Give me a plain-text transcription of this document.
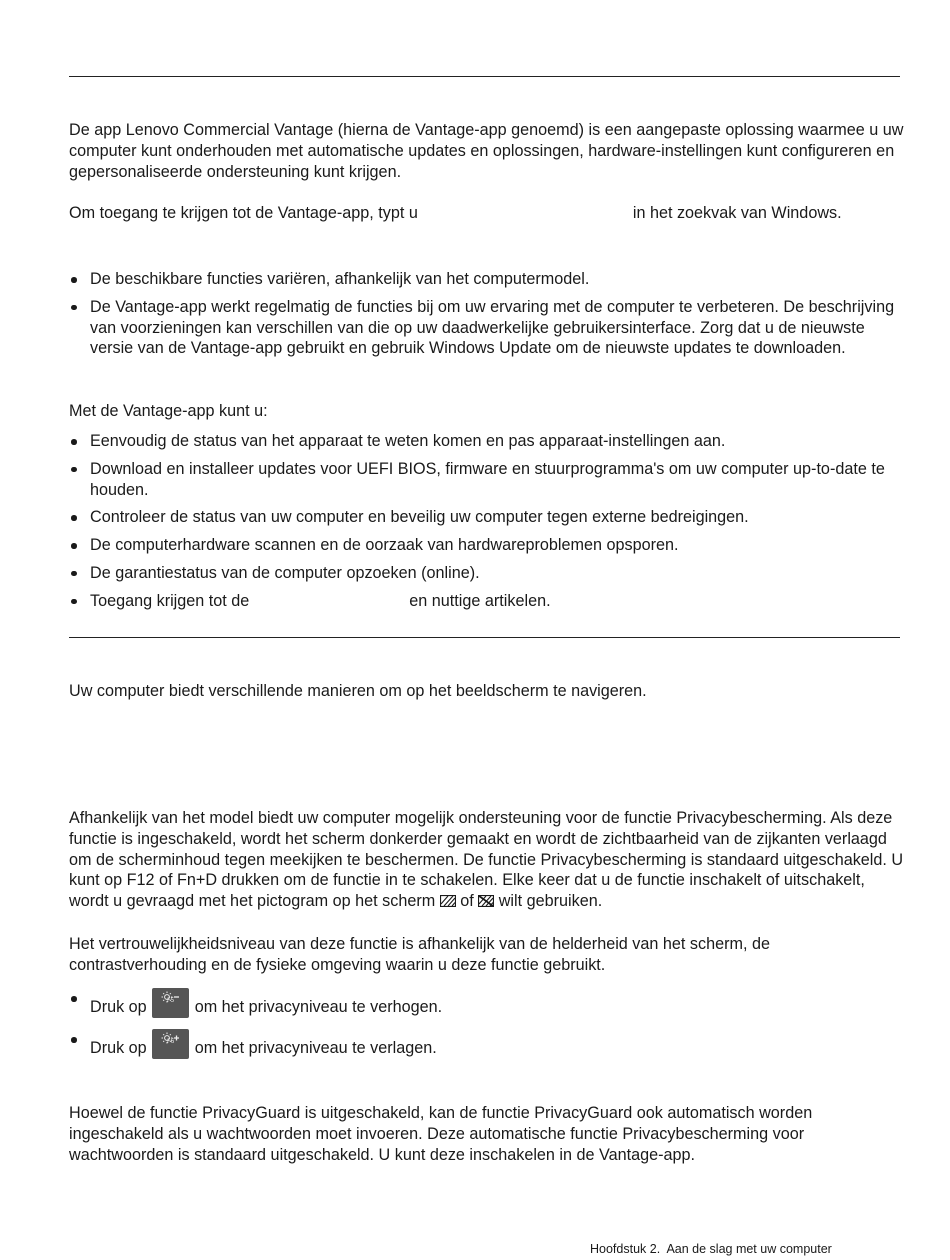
De app Lenovo Commercial Vantage (hierna de Vantage-app genoemd) is een aangepaste oplossing waarmee u uw computer kunt onderhouden met automatische updates en oplossingen, hardware-instellingen kunt configureren en gepersonaliseerde ondersteuning kunt krijgen.

Om toegang te krijgen tot de Vantage-app, typt u	in het zoekvak van Windows.

De beschikbare functies variëren, afhankelijk van het computermodel.
De Vantage-app werkt regelmatig de functies bij om uw ervaring met de computer te verbeteren. De beschrijving van voorzieningen kan verschillen van die op uw daadwerkelijke gebruikersinterface. Zorg dat u de nieuwste versie van de Vantage-app gebruikt en gebruik Windows Update om de nieuwste updates te downloaden.

Met de Vantage-app kunt u:

Eenvoudig de status van het apparaat te weten komen en pas apparaat-instellingen aan.
Download en installeer updates voor UEFI BIOS, firmware en stuurprogramma's om uw computer up-to-date te houden.
Controleer de status van uw computer en beveilig uw computer tegen externe bedreigingen.
De computerhardware scannen en de oorzaak van hardwareproblemen opsporen.
De garantiestatus van de computer opzoeken (online).
Toegang krijgen tot de	en nuttige artikelen.

Uw computer biedt verschillende manieren om op het beeldscherm te navigeren.

Afhankelijk van het model biedt uw computer mogelijk ondersteuning voor de functie Privacybescherming. Als deze functie is ingeschakeld, wordt het scherm donkerder gemaakt en wordt de zichtbaarheid van de zijkanten verlaagd om de scherminhoud tegen meekijken te beschermen. De functie Privacybescherming is standaard uitgeschakeld. U kunt op F12 of Fn+D drukken om de functie in te schakelen. Elke keer dat u de functie inschakelt of uitschakelt, wordt u gevraagd met het pictogram op het scherm of wilt gebruiken.

Het vertrouwelijkheidsniveau van deze functie is afhankelijk van de helderheid van het scherm, de contrastverhouding en de fysieke omgeving waarin u deze functie gebruikt.

Druk op	F5	om het privacyniveau te verhogen.
Druk op	F6	om het privacyniveau te verlagen.

Hoewel de functie PrivacyGuard is uitgeschakeld, kan de functie PrivacyGuard ook automatisch worden ingeschakeld als u wachtwoorden moet invoeren. Deze automatische functie Privacybescherming voor wachtwoorden is standaard uitgeschakeld. U kunt deze inschakelen in de Vantage-app.

Hoofdstuk 2. Aan de slag met uw computer
